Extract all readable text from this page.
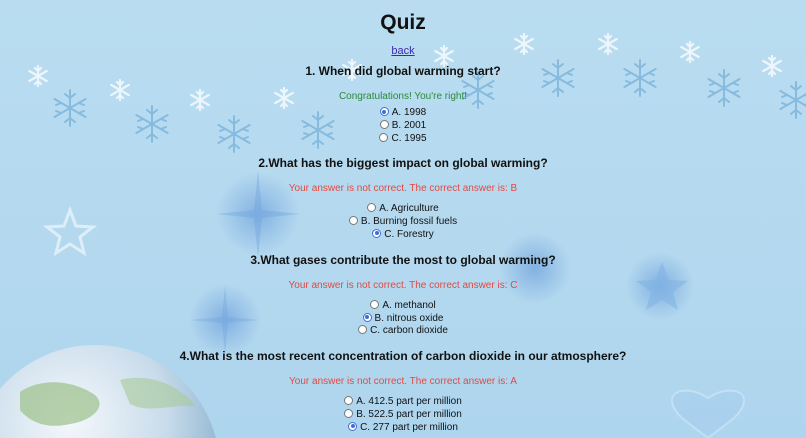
Quiz
back

1. When did global warming start?

Congratulations! You're right!

A. 1998
B. 2001
C. 1995

2.What has the biggest impact on global warming?

Your answer is not correct. The correct answer is: B

A. Agriculture
B. Burning fossil fuels
C. Forestry

3.What gases contribute the most to global warming?

Your answer is not correct. The correct answer is: C

A. methanol
B. nitrous oxide
C. carbon dioxide

4.What is the most recent concentration of carbon dioxide in our atmosphere?

Your answer is not correct. The correct answer is: A

A. 412.5 part per million
B. 522.5 part per million
C. 277 part per million
